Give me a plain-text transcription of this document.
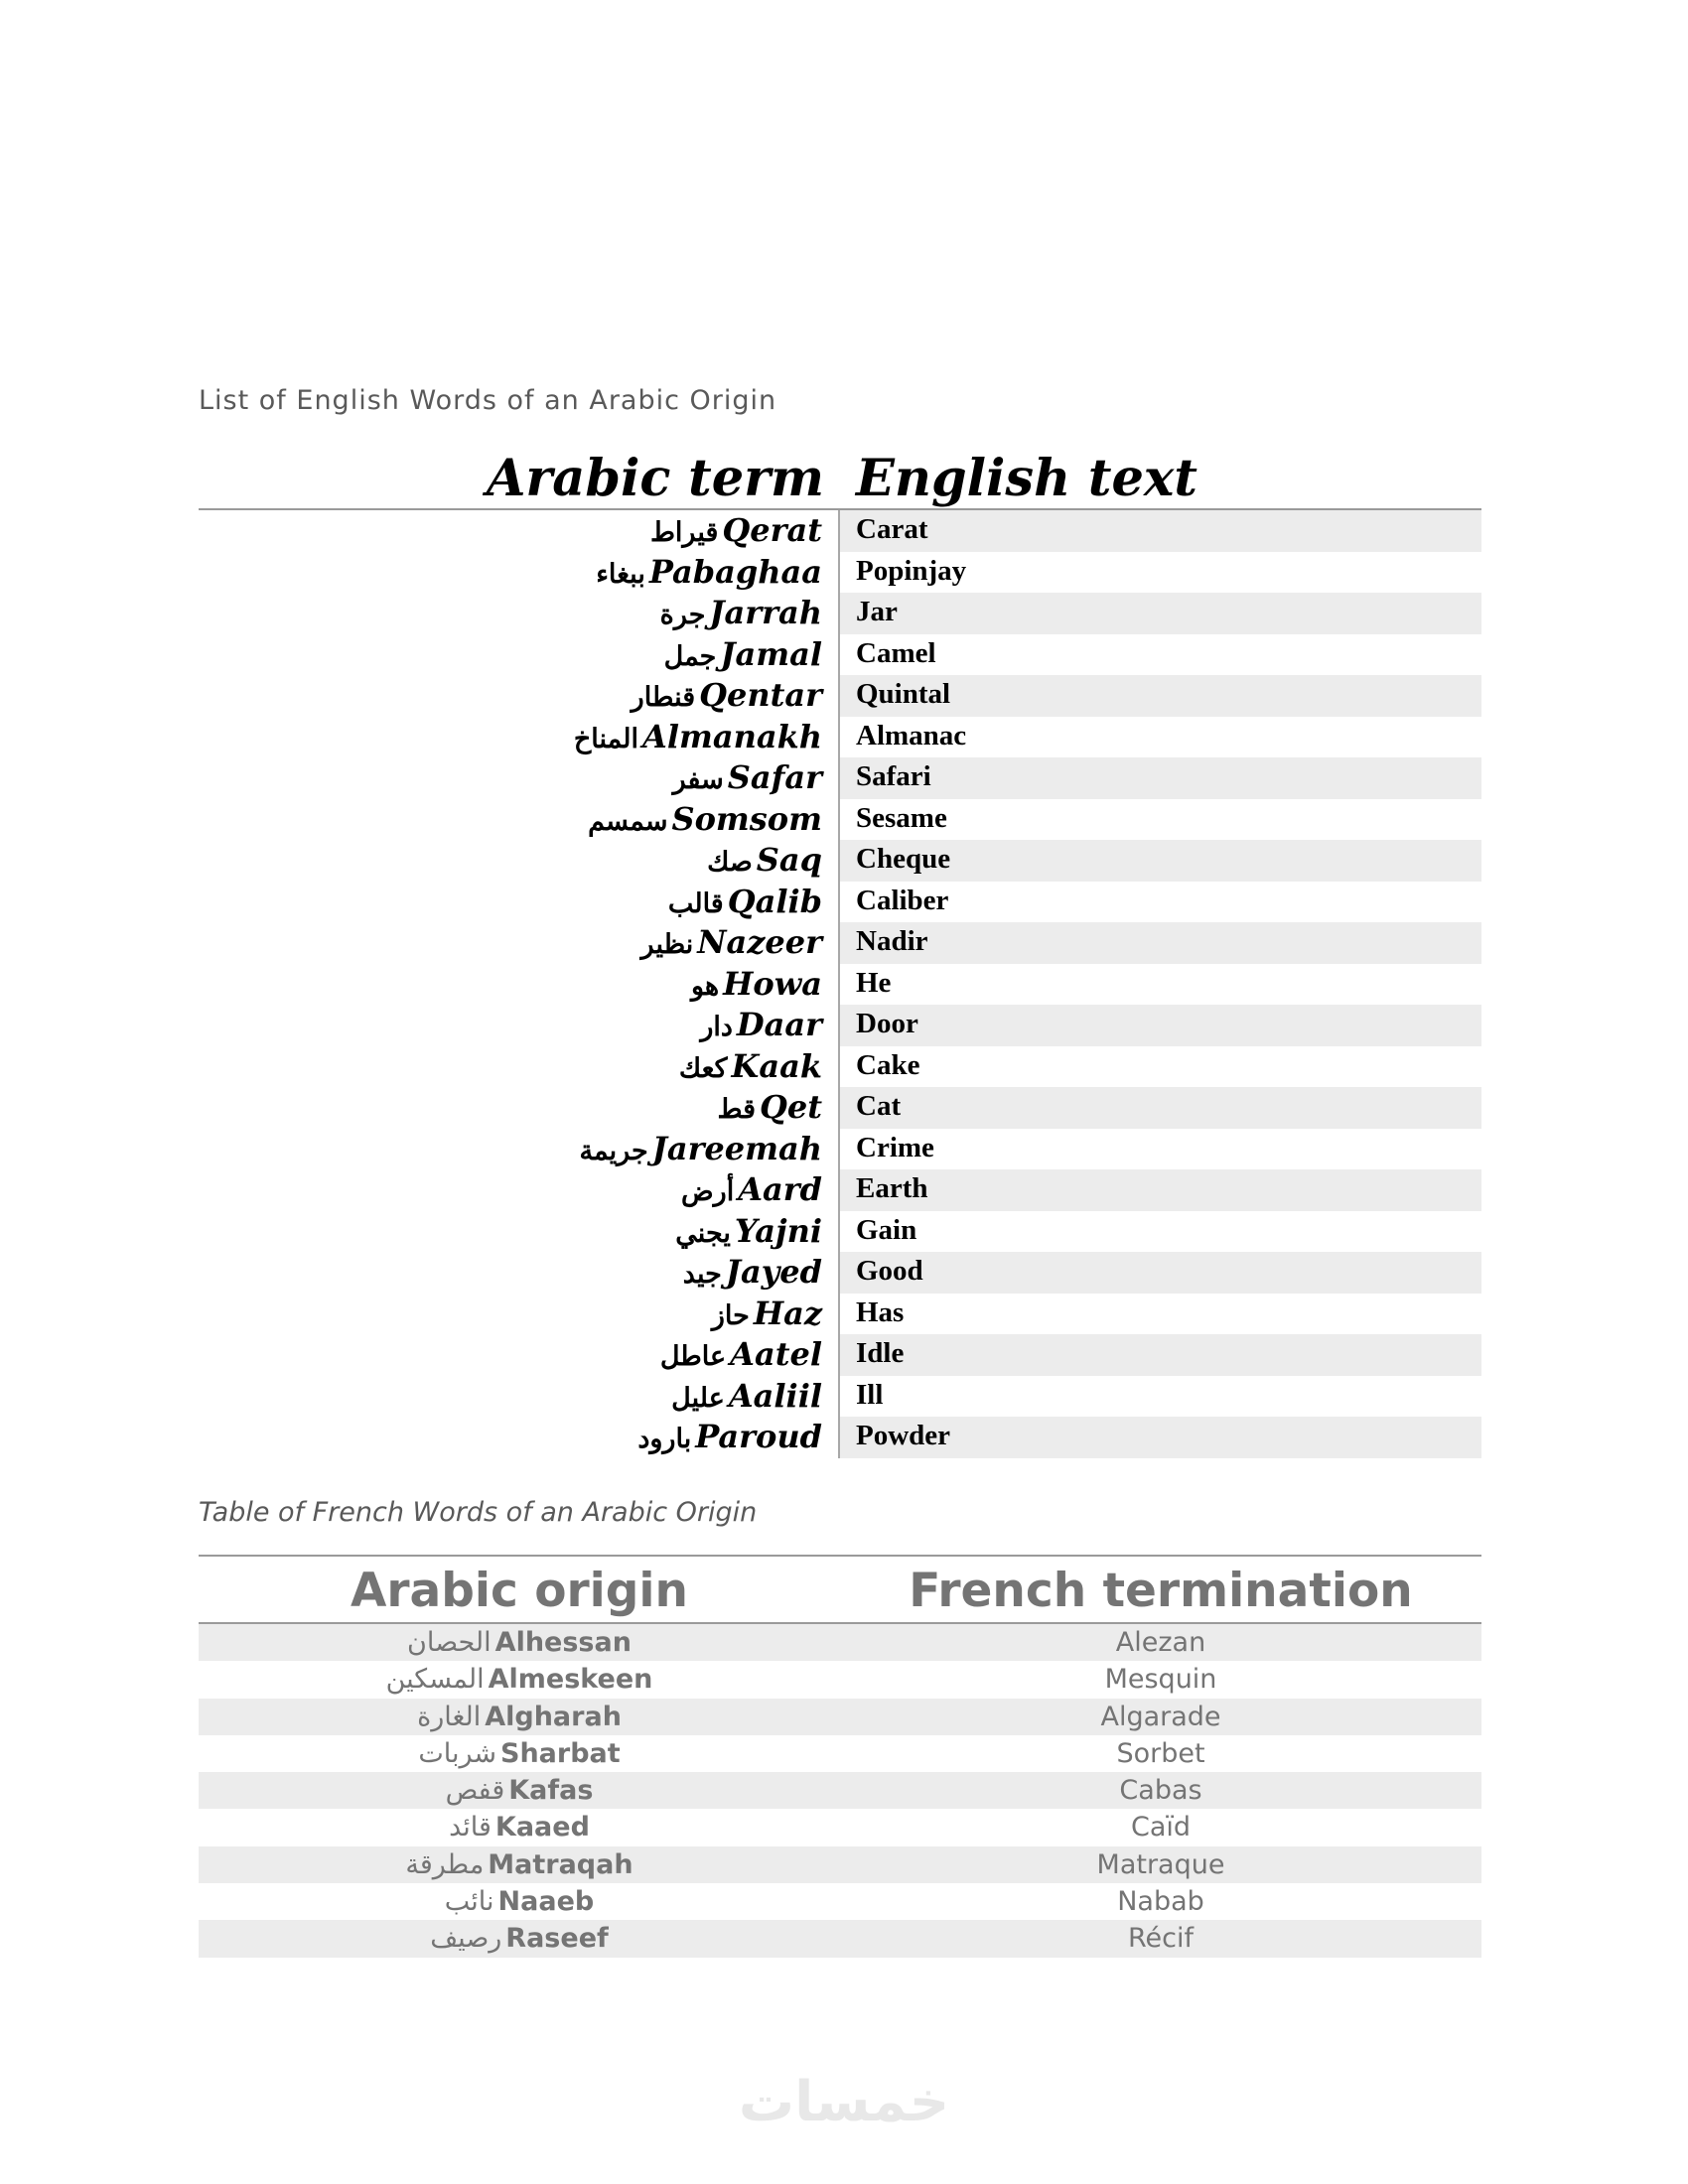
List of English Words of an Arabic Origin
Arabic term English text
قيراط Qerat	Carat
ببغاء Pabaghaa	Popinjay
جرة Jarrah	Jar
جمل Jamal	Camel
قنطار Qentar	Quintal
المناخ Almanakh	Almanac
سفر Safar	Safari
سمسم Somsom	Sesame
صك Saq	Cheque
قالب Qalib	Caliber
نظير Nazeer	Nadir
هو Howa	He
دار Daar	Door
كعك Kaak	Cake
قط Qet	Cat
جريمة Jareemah	Crime
أرض Aard	Earth
يجني Yajni	Gain
جيد Jayed	Good
حاز Haz	Has
عاطل Aatel	Idle
عليل Aaliil	Ill
بارود Paroud	Powder
Table of French Words of an Arabic Origin
Arabic origin	French termination
الحصان Alhessan	Alezan
المسكين Almeskeen	Mesquin
الغارة Algharah	Algarade
شربات Sharbat	Sorbet
قفص Kafas	Cabas
قائد Kaaed	Caïd
مطرقة Matraqah	Matraque
نائب Naaeb	Nabab
رصيف Raseef	Récif
خمسات
